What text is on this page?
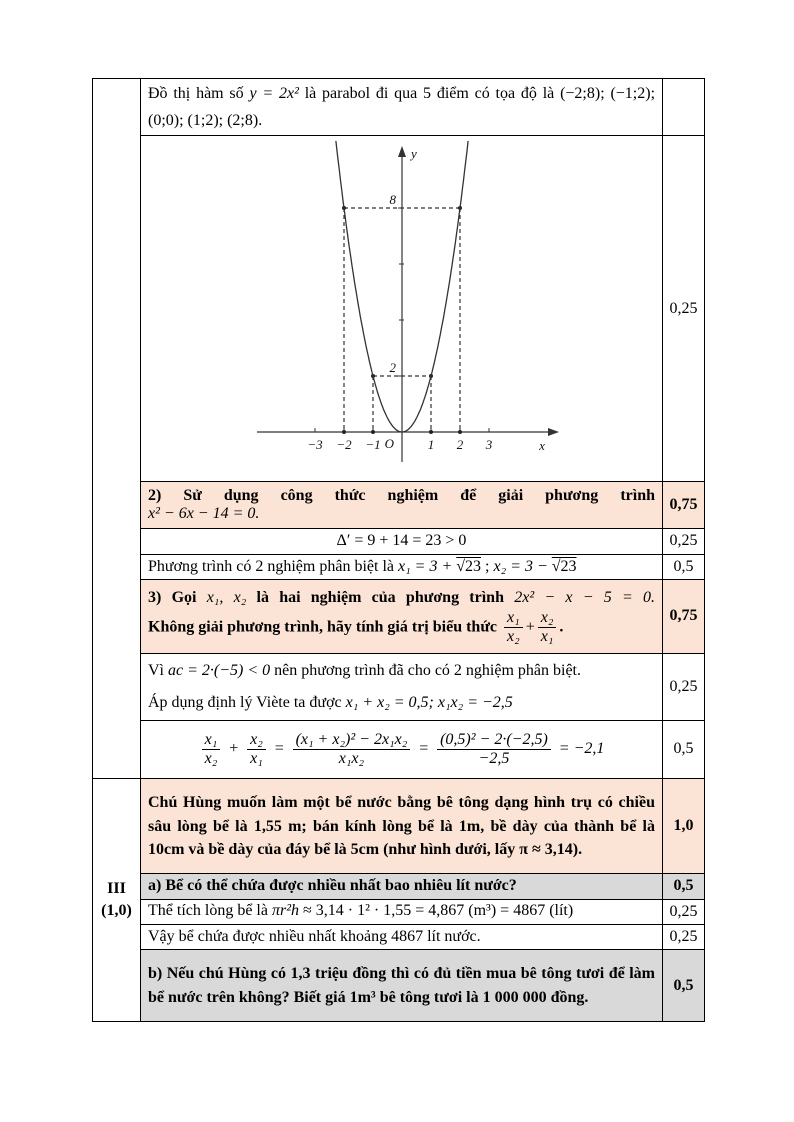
	Đồ thị hàm số y = 2x² là parabol đi qua 5 điểm có tọa độ là (−2;8); (−1;2); (0;0); (1;2); (2;8).	

x
y
O
−3 −2 −1	1 2 3
8
2
	0,25

	2) Sử dụng công thức nghiệm để giải phương trình
x² − 6x − 14 = 0.	0,75
	Δ′ = 9 + 14 = 23 > 0	0,25
	Phương trình có 2 nghiệm phân biệt là x₁ = 3 + √23 ; x₂ = 3 − √23	0,5

3) Gọi x₁, x₂ là hai nghiệm của phương trình 2x² − x − 5 = 0.
Không giải phương trình, hãy tính giá trị biểu thức $\frac{\text{x₁}}{\text{x₂}} + \frac{\text{x₂}}{\text{x₁}}$ .
	0,75
	Vì ac = 2·(−5) < 0 nên phương trình đã cho có 2 nghiệm phân biệt.
Áp dụng định lý Viète ta được x₁ + x₂ = 0,5; x₁x₂ = −2,5	0,25

$\frac{\text{x₁}}{\text{x₂}} + \frac{\text{x₂}}{\text{x₁}} = \frac{\text{(x₁ + x₂)² − 2x₁x₂}}{\text{x₁x₂}} = \frac{\text{(0,5)² − 2·(−2,5)}}{-2,5} = -2,1$	0,5

III
(1,0)	Chú Hùng muốn làm một bể nước bằng bê tông dạng hình trụ có chiều sâu lòng bể là 1,55 m; bán kính lòng bể là 1m, bề dày của thành bể là 10cm và bề dày của đáy bể là 5cm (như hình dưới, lấy π ≈ 3,14).	1,0
	a) Bể có thể chứa được nhiều nhất bao nhiêu lít nước?	0,5
	Thể tích lòng bể là πr²h ≈ 3,14 · 1² · 1,55 = 4,867 (m³) = 4867 (lít)	0,25
	Vậy bể chứa được nhiều nhất khoảng 4867 lít nước.	0,25
	b) Nếu chú Hùng có 1,3 triệu đồng thì có đủ tiền mua bê tông tươi để làm bể nước trên không? Biết giá 1m³ bê tông tươi là 1 000 000 đồng.	0,5
